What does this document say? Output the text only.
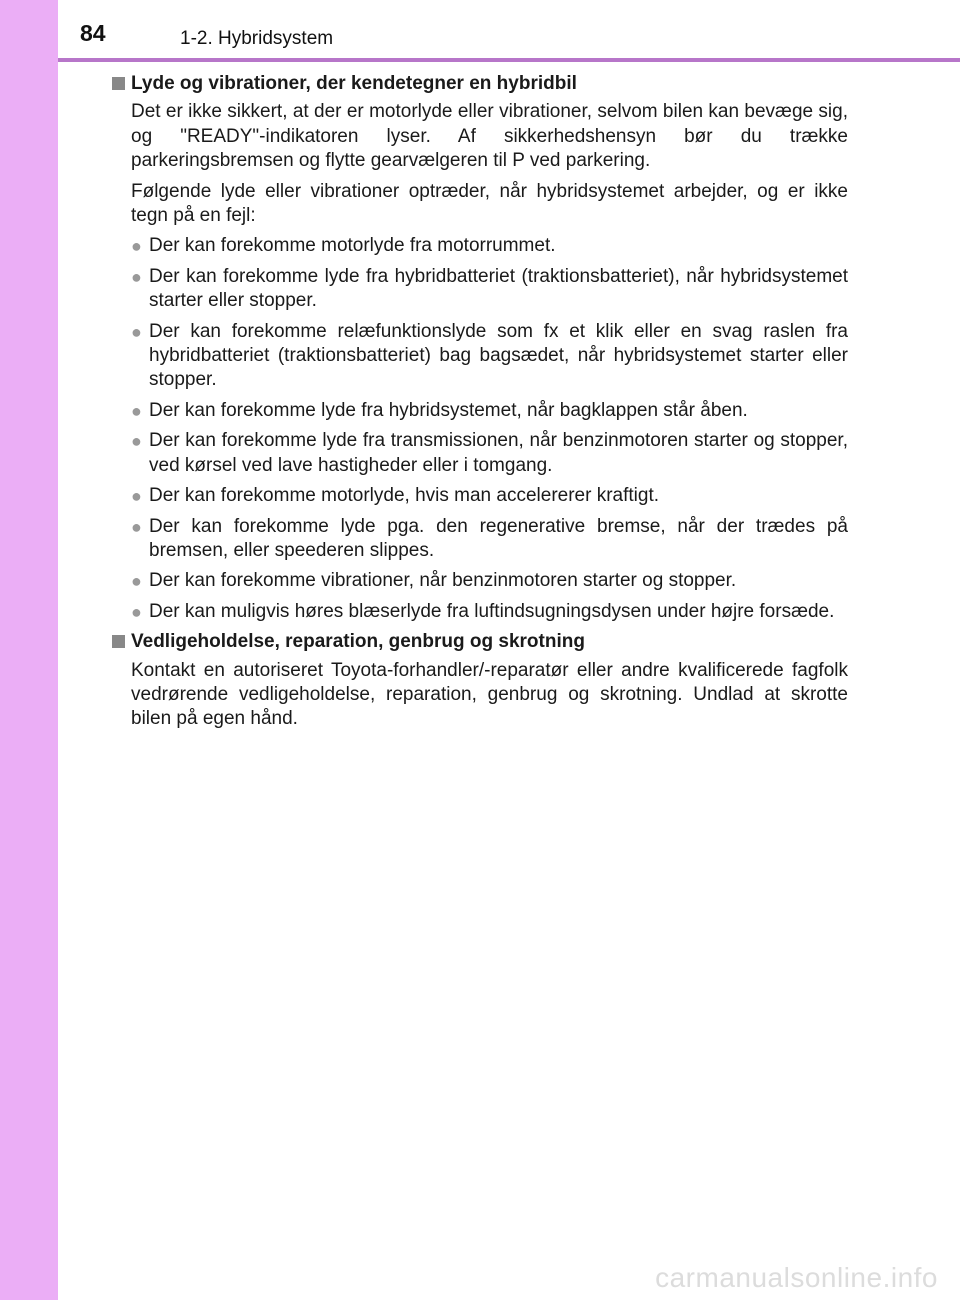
84	1-2. Hybridsystem
Lyde og vibrationer, der kendetegner en hybridbil

Det er ikke sikkert, at der er motorlyde eller vibrationer, selvom bilen kan bevæge sig, og "READY"-indikatoren lyser. Af sikkerhedshensyn bør du trække parkeringsbremsen og flytte gearvælgeren til P ved parkering.

Følgende lyde eller vibrationer optræder, når hybridsystemet arbejder, og er ikke tegn på en fejl:

● Der kan forekomme motorlyde fra motorrummet.
● Der kan forekomme lyde fra hybridbatteriet (traktionsbatteriet), når hybridsystemet starter eller stopper.
● Der kan forekomme relæfunktionslyde som fx et klik eller en svag raslen fra hybridbatteriet (traktionsbatteriet) bag bagsædet, når hybridsystemet starter eller stopper.
● Der kan forekomme lyde fra hybridsystemet, når bagklappen står åben.
● Der kan forekomme lyde fra transmissionen, når benzinmotoren starter og stopper, ved kørsel ved lave hastigheder eller i tomgang.
● Der kan forekomme motorlyde, hvis man accelererer kraftigt.
● Der kan forekomme lyde pga. den regenerative bremse, når der trædes på bremsen, eller speederen slippes.
● Der kan forekomme vibrationer, når benzinmotoren starter og stopper.
● Der kan muligvis høres blæserlyde fra luftindsugningsdysen under højre forsæde.
Vedligeholdelse, reparation, genbrug og skrotning

Kontakt en autoriseret Toyota-forhandler/-reparatør eller andre kvalificerede fagfolk vedrørende vedligeholdelse, reparation, genbrug og skrotning. Undlad at skrotte bilen på egen hånd.

carmanualsonline.info
